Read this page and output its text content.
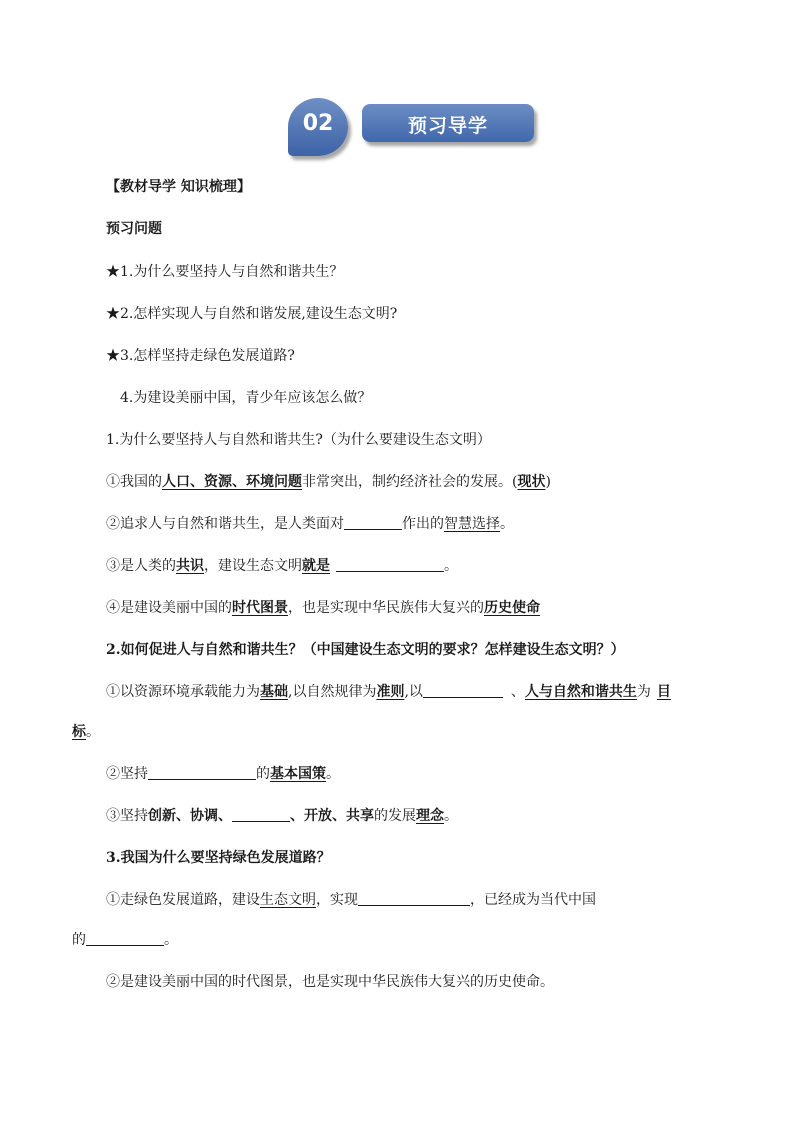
02	预习导学
【教材导学 知识梳理】
预习问题
★1.为什么要坚持人与自然和谐共生？
★2.怎样实现人与自然和谐发展,建设生态文明?
★3.怎样坚持走绿色发展道路?
4.为建设美丽中国，青少年应该怎么做？
1.为什么要坚持人与自然和谐共生?（为什么要建设生态文明）
①我国的人口、资源、环境问题非常突出，制约经济社会的发展。(现状)
②追求人与自然和谐共生，是人类面对	作出的智慧选择。
③是人类的共识，建设生态文明就是	。
④是建设美丽中国的时代图景，也是实现中华民族伟大复兴的历史使命
2.如何促进人与自然和谐共生？（中国建设生态文明的要求？怎样建设生态文明？）
①以资源环境承载能力为基础,以自然规律为准则,以	、人与自然和谐共生为 目
标。
②坚持	的基本国策。
③坚持创新、协调、	、开放、共享的发展理念。
3.我国为什么要坚持绿色发展道路？
①走绿色发展道路，建设生态文明，实现	，已经成为当代中国
的	。
②是建设美丽中国的时代图景，也是实现中华民族伟大复兴的历史使命。
